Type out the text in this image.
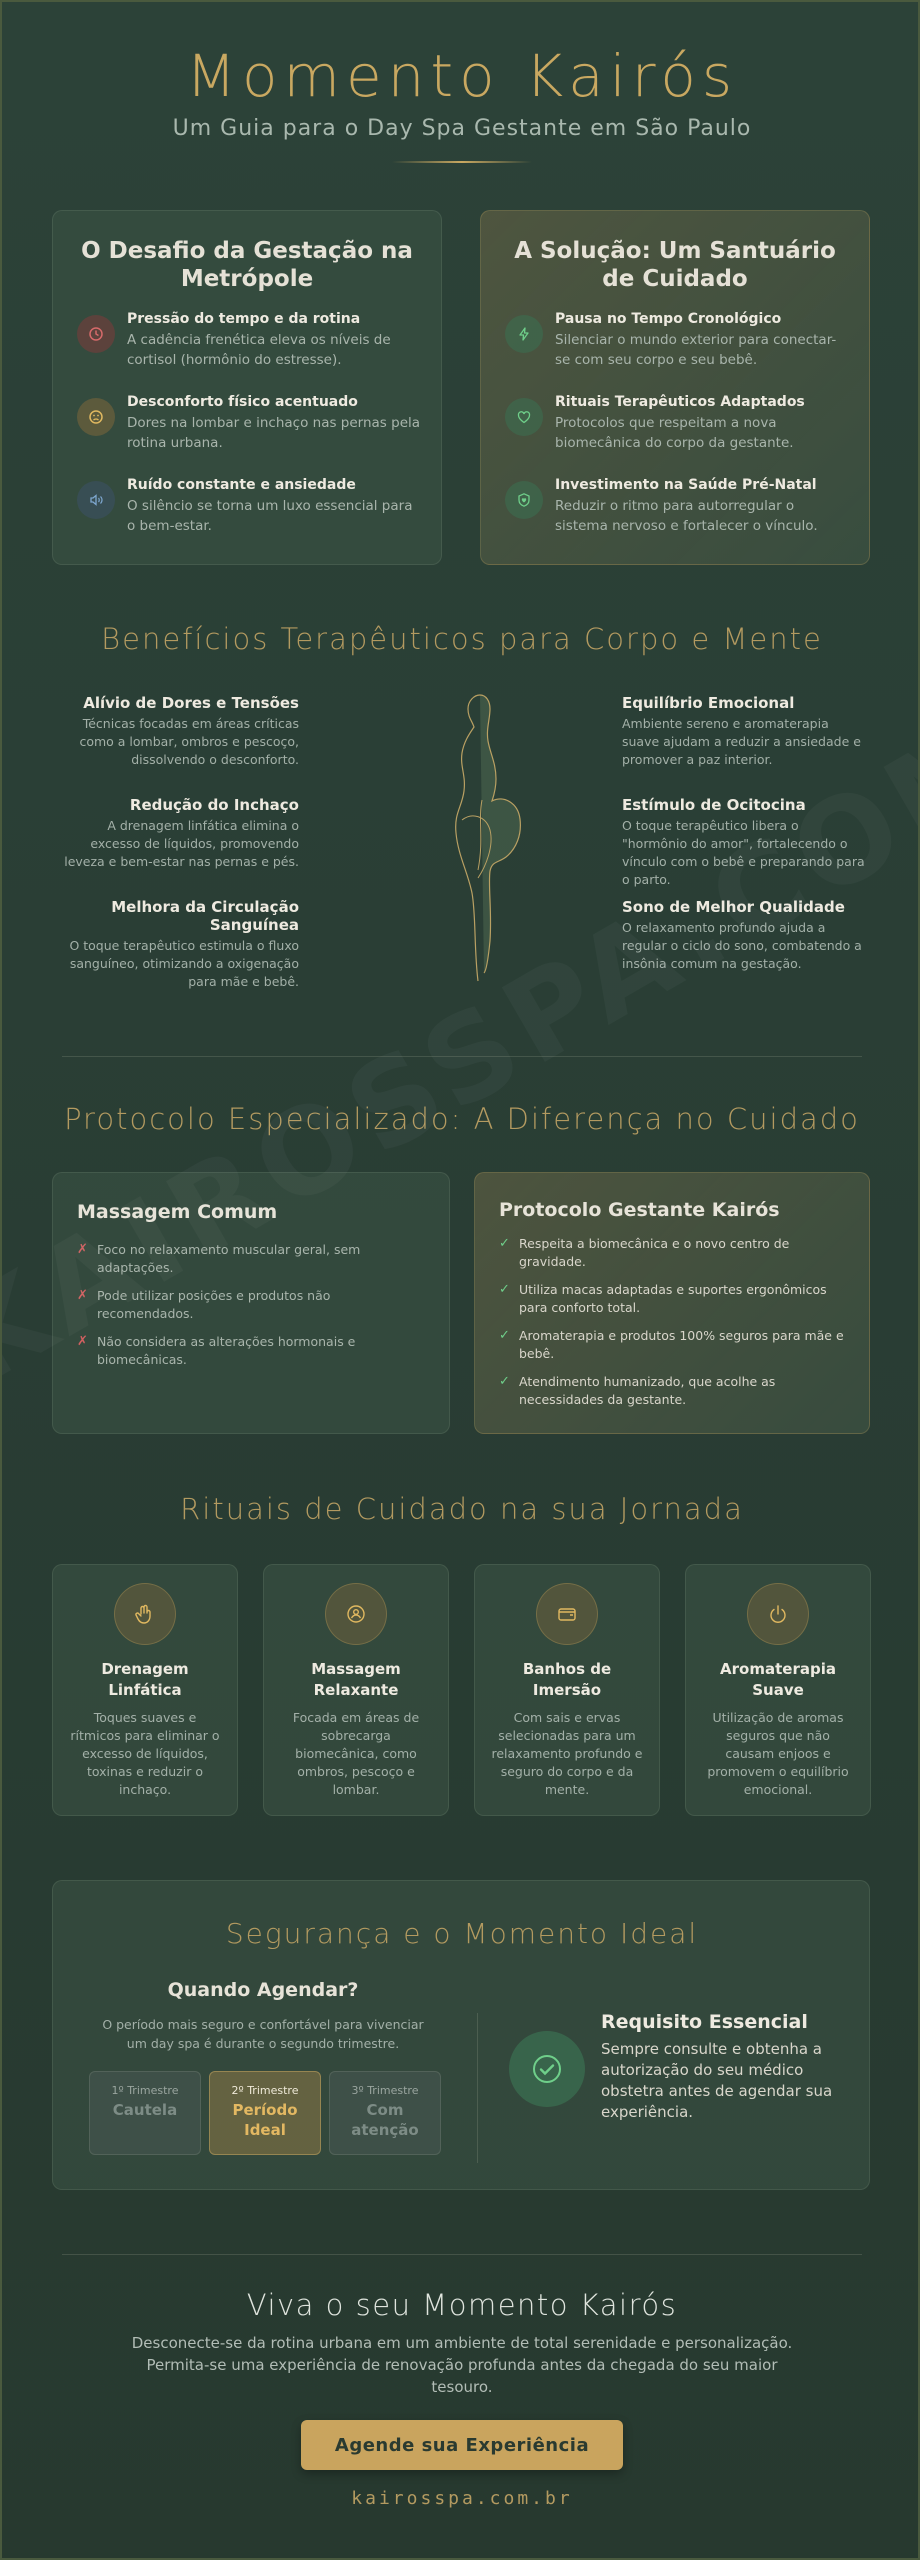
Momento Kairós
Um Guia para o Day Spa Gestante em São Paulo
O Desafio da Gestação na Metrópole
Pressão do tempo e da rotina
A cadência frenética eleva os níveis de cortisol (hormônio do estresse).
Desconforto físico acentuado
Dores na lombar e inchaço nas pernas pela rotina urbana.
Ruído constante e ansiedade
O silêncio se torna um luxo essencial para o bem-estar.
A Solução: Um Santuário de Cuidado
Pausa no Tempo Cronológico
Silenciar o mundo exterior para conectar-se com seu corpo e seu bebê.
Rituais Terapêuticos Adaptados
Protocolos que respeitam a nova biomecânica do corpo da gestante.
Investimento na Saúde Pré-Natal
Reduzir o ritmo para autorregular o sistema nervoso e fortalecer o vínculo.
Benefícios Terapêuticos para Corpo e Mente
Alívio de Dores e Tensões
Técnicas focadas em áreas críticas como a lombar, ombros e pescoço, dissolvendo o desconforto.
Redução do Inchaço
A drenagem linfática elimina o excesso de líquidos, promovendo leveza e bem-estar nas pernas e pés.
Melhora da Circulação Sanguínea
O toque terapêutico estimula o fluxo sanguíneo, otimizando a oxigenação para mãe e bebê.
Equilíbrio Emocional
Ambiente sereno e aromaterapia suave ajudam a reduzir a ansiedade e promover a paz interior.
Estímulo de Ocitocina
O toque terapêutico libera o "hormônio do amor", fortalecendo o vínculo com o bebê e preparando para o parto.
Sono de Melhor Qualidade
O relaxamento profundo ajuda a regular o ciclo do sono, combatendo a insônia comum na gestação.
Protocolo Especializado: A Diferença no Cuidado
Massagem Comum
✗ Foco no relaxamento muscular geral, sem adaptações.
✗ Pode utilizar posições e produtos não recomendados.
✗ Não considera as alterações hormonais e biomecânicas.
Protocolo Gestante Kairós
✓ Respeita a biomecânica e o novo centro de gravidade.
✓ Utiliza macas adaptadas e suportes ergonômicos para conforto total.
✓ Aromaterapia e produtos 100% seguros para mãe e bebê.
✓ Atendimento humanizado, que acolhe as necessidades da gestante.
Rituais de Cuidado na sua Jornada
Drenagem Linfática
Toques suaves e rítmicos para eliminar o excesso de líquidos, toxinas e reduzir o inchaço.
Massagem Relaxante
Focada em áreas de sobrecarga biomecânica, como ombros, pescoço e lombar.
Banhos de Imersão
Com sais e ervas selecionadas para um relaxamento profundo e seguro do corpo e da mente.
Aromaterapia Suave
Utilização de aromas seguros que não causam enjoos e promovem o equilíbrio emocional.
Segurança e o Momento Ideal
Quando Agendar?
O período mais seguro e confortável para vivenciar um day spa é durante o segundo trimestre.
1º Trimestre
Cautela
2º Trimestre
Período Ideal
3º Trimestre
Com atenção
Requisito Essencial
Sempre consulte e obtenha a autorização do seu médico obstetra antes de agendar sua experiência.
Viva o seu Momento Kairós
Desconecte-se da rotina urbana em um ambiente de total serenidade e personalização. Permita-se uma experiência de renovação profunda antes da chegada do seu maior tesouro.
Agende sua Experiência
kairosspa.com.br
